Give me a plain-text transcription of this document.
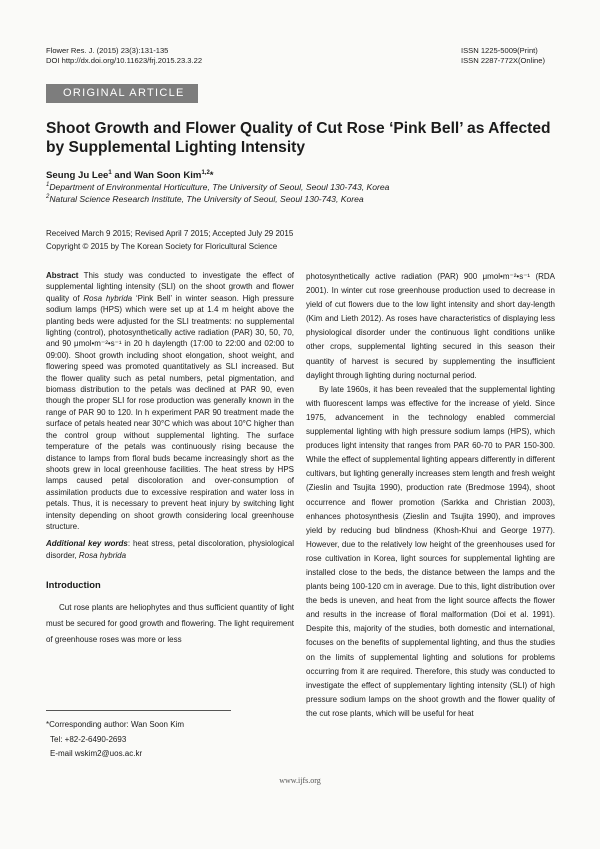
Flower Res. J. (2015) 23(3):131-135
DOI http://dx.doi.org/10.11623/frj.2015.23.3.22
ISSN 1225-5009(Print)
ISSN 2287-772X(Online)
ORIGINAL ARTICLE
Shoot Growth and Flower Quality of Cut Rose ‘Pink Bell’ as Affected by Supplemental Lighting Intensity
Seung Ju Lee$^1$ and Wan Soon Kim$^{1,2}$*
$^1$Department of Environmental Horticulture, The University of Seoul, Seoul 130-743, Korea
$^2$Natural Science Research Institute, The University of Seoul, Seoul 130-743, Korea
Received March 9 2015; Revised April 7 2015; Accepted July 29 2015
Copyright © 2015 by The Korean Society for Floricultural Science

Abstract This study was conducted to investigate the effect of supplemental lighting intensity (SLI) on the shoot growth and flower quality of Rosa hybrida ‘Pink Bell’ in winter season. High pressure sodium lamps (HPS) which were set up at 1.4 m height above the planting beds were adjusted for the SLI treatments: no supplemental lighting (control), photosynthetically active radiation (PAR) 30, 50, 70, and 90 μmol•m⁻²•s⁻¹ in 20 h daylength (17:00 to 22:00 and 02:00 to 09:00). Shoot growth including shoot elongation, shoot weight, and flowering speed was promoted quantitatively as SLI increased. But the flower quality such as petal numbers, petal pigmentation, and biomass distribution to the petals was declined at PAR 90, even though the proper SLI for rose production was generally known in the range of PAR 90 to 120. In h experiment PAR 90 treatment made the surface of petals heated near 30°C which was about 10°C higher than the control group without supplemental lighting. The surface temperature of the petals was continuously rising because the distance to lamps from floral buds became increasingly short as the shoots grew in local greenhouse facilities. The heat stress by HPS lamps caused petal discoloration and over-consumption of assimilation products due to excessive respiration and water loss in petals. Thus, it is necessary to prevent heat injury by switching light intensity depending on shoot growth considering local greenhouse structure.

Additional key words: heat stress, petal discoloration, physiological disorder, Rosa hybrida

Introduction

Cut rose plants are heliophytes and thus sufficient quantity of light must be secured for good growth and flowering. The light requirement of greenhouse roses was more or less

photosynthetically active radiation (PAR) 900 μmol•m⁻²•s⁻¹ (RDA 2001). In winter cut rose greenhouse production used to decrease in yield of cut flowers due to the low light intensity and short day-length (Kim and Lieth 2012). As roses have characteristics of displaying less physiological disorder under the continuous light conditions unlike other crops, supplemental lighting secured in this season their quantity of harvest is secured by supplementing the insufficient daylight through lighting during nocturnal period.

By late 1960s, it has been revealed that the supplemental lighting with fluorescent lamps was effective for the increase of yield. Since 1975, advancement in the technology enabled commercial supplemental lighting with high pressure sodium lamps (HPS), which produces light intensity that ranges from PAR 60-70 to PAR 150-300. While the effect of supplemental lighting appears differently in different cultivars, but lighting generally increases stem length and fresh weight (Zieslin and Tsujita 1990), production rate (Bredmose 1994), shoot occurrence and flower promotion (Sarkka and Christian 2003), enhances photosynthesis (Zieslin and Tsujita 1990), and improves yield by reducing bud blindness (Khosh-Khui and George 1977). However, due to the relatively low height of the greenhouses used for rose cultivation in Korea, light sources for supplemental lighting are installed close to the beds, the distance between the lamps and the plants being 100-120 cm in average. Due to this, light distribution over the beds is uneven, and heat from the light source affects the flower and results in the increase of floral malformation (Doi et al. 1991). Despite this, majority of the studies, both domestic and international, focuses on the benefits of supplemental lighting, and thus the studies on the limits of supplemental lighting and solutions for problems occurring from it are required. Therefore, this study was conducted to investigate the effect of supplementary lighting intensity (SLI) of high pressure sodium lamps on the shoot growth and the flower quality of the cut rose plants, which will be useful for heat

*Corresponding author: Wan Soon Kim
Tel: +82-2-6490-2693
E-mail wskim2@uos.ac.kr
www.ijfs.org
